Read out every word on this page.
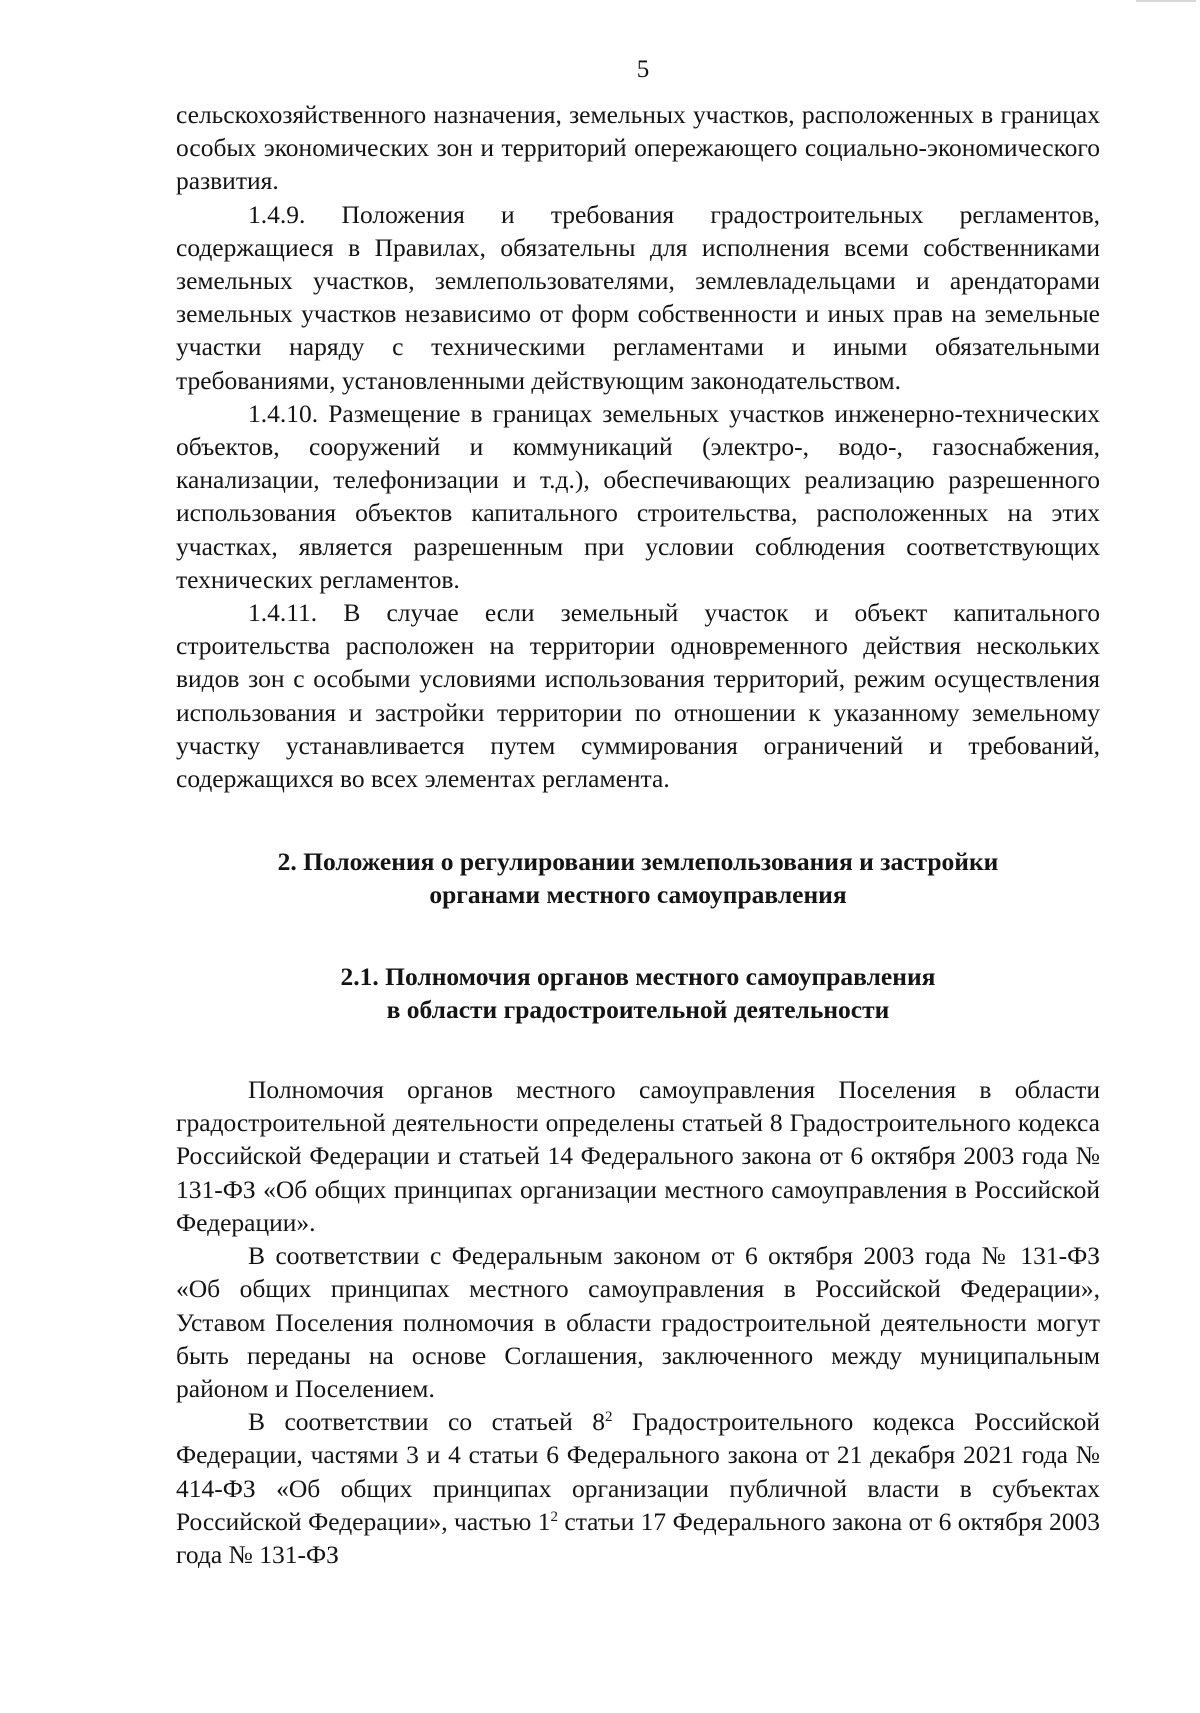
5

сельскохозяйственного назначения, земельных участков, расположенных в границах особых экономических зон и территорий опережающего социально-экономического развития.

1.4.9. Положения и требования градостроительных регламентов, содержащиеся в Правилах, обязательны для исполнения всеми собственниками земельных участков, землепользователями, землевладельцами и арендаторами земельных участков независимо от форм собственности и иных прав на земельные участки наряду с техническими регламентами и иными обязательными требованиями, установленными действующим законодательством.

1.4.10. Размещение в границах земельных участков инженерно-технических объектов, сооружений и коммуникаций (электро-, водо-, газоснабжения, канализации, телефонизации и т.д.), обеспечивающих реализацию разрешенного использования объектов капитального строительства, расположенных на этих участках, является разрешенным при условии соблюдения соответствующих технических регламентов.

1.4.11. В случае если земельный участок и объект капитального строительства расположен на территории одновременного действия нескольких видов зон с особыми условиями использования территорий, режим осуществления использования и застройки территории по отношении к указанному земельному участку устанавливается путем суммирования ограничений и требований, содержащихся во всех элементах регламента.

2. Положения о регулировании землепользования и застройки
органами местного самоуправления
2.1. Полномочия органов местного самоуправления
в области градостроительной деятельности

Полномочия органов местного самоуправления Поселения в области градостроительной деятельности определены статьей 8 Градостроительного кодекса Российской Федерации и статьей 14 Федерального закона от 6 октября 2003 года № 131-ФЗ «Об общих принципах организации местного самоуправления в Российской Федерации».

В соответствии с Федеральным законом от 6 октября 2003 года № 131-ФЗ «Об общих принципах местного самоуправления в Российской Федерации», Уставом Поселения полномочия в области градостроительной деятельности могут быть переданы на основе Соглашения, заключенного между муниципальным районом и Поселением.

В соответствии со статьей $8^2$ Градостроительного кодекса Российской Федерации, частями 3 и 4 статьи 6 Федерального закона от 21 декабря 2021 года № 414-ФЗ «Об общих принципах организации публичной власти в субъектах Российской Федерации», частью $1^2$ статьи 17 Федерального закона от 6 октября 2003 года № 131-ФЗ
